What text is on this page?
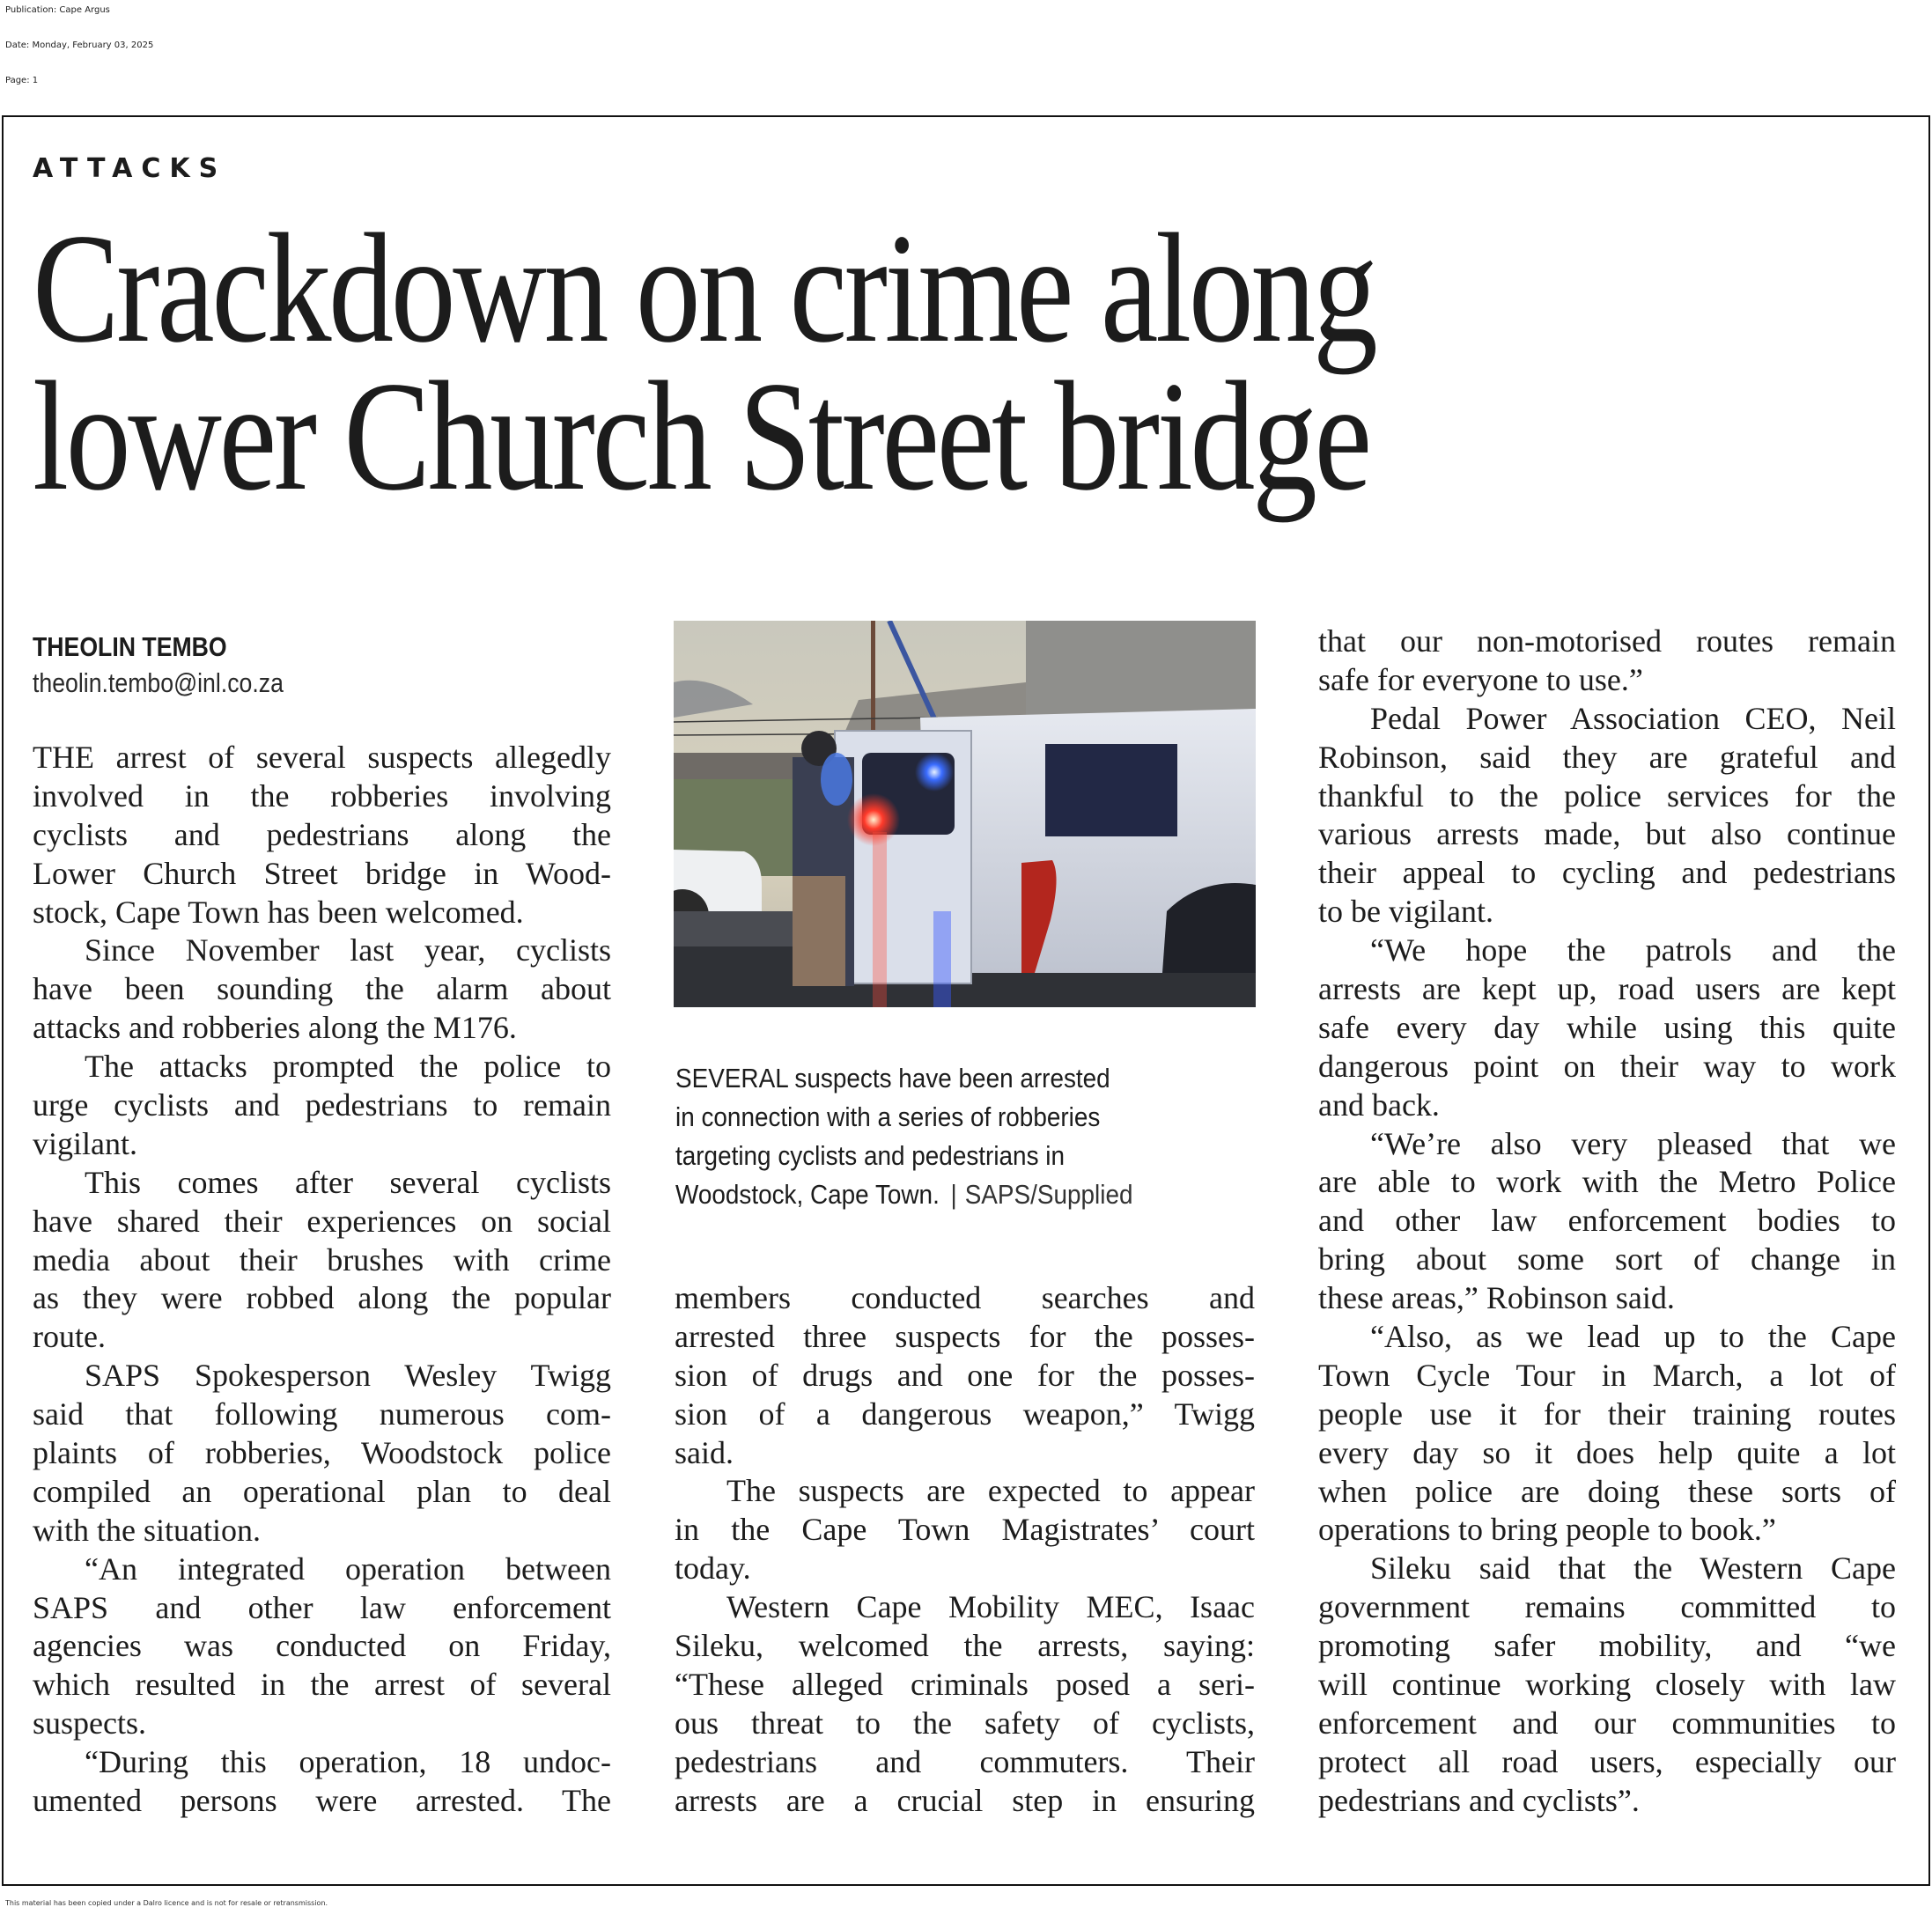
Publication: Cape Argus
Date: Monday, February 03, 2025
Page: 1
ATTACKS
Crackdown on crime along
lower Church Street bridge
THEOLIN TEMBO
theolin.tembo@inl.co.za
THE arrest of several suspects allegedly
involved in the robberies involving
cyclists and pedestrians along the
Lower Church Street bridge in Wood-
stock, Cape Town has been welcomed.
Since November last year, cyclists
have been sounding the alarm about
attacks and robberies along the M176.
The attacks prompted the police to
urge cyclists and pedestrians to remain
vigilant.
This comes after several cyclists
have shared their experiences on social
media about their brushes with crime
as they were robbed along the popular
route.
SAPS Spokesperson Wesley Twigg
said that following numerous com-
plaints of robberies, Woodstock police
compiled an operational plan to deal
with the situation.
“An integrated operation between
SAPS and other law enforcement
agencies was conducted on Friday,
which resulted in the arrest of several
suspects.
“During this operation, 18 undoc-
umented persons were arrested. The
members conducted searches and
arrested three suspects for the posses-
sion of drugs and one for the posses-
sion of a dangerous weapon,” Twigg
said.
The suspects are expected to appear
in the Cape Town Magistrates’ court
today.
Western Cape Mobility MEC, Isaac
Sileku, welcomed the arrests, saying:
“These alleged criminals posed a seri-
ous threat to the safety of cyclists,
pedestrians and commuters. Their
arrests are a crucial step in ensuring
that our non-motorised routes remain
safe for everyone to use.”
Pedal Power Association CEO, Neil
Robinson, said they are grateful and
thankful to the police services for the
various arrests made, but also continue
their appeal to cycling and pedestrians
to be vigilant.
“We hope the patrols and the
arrests are kept up, road users are kept
safe every day while using this quite
dangerous point on their way to work
and back.
“We’re also very pleased that we
are able to work with the Metro Police
and other law enforcement bodies to
bring about some sort of change in
these areas,” Robinson said.
“Also, as we lead up to the Cape
Town Cycle Tour in March, a lot of
people use it for their training routes
every day so it does help quite a lot
when police are doing these sorts of
operations to bring people to book.”
Sileku said that the Western Cape
government remains committed to
promoting safer mobility, and “we
will continue working closely with law
enforcement and our communities to
protect all road users, especially our
pedestrians and cyclists”.
SEVERAL suspects have been arrested
in connection with a series of robberies
targeting cyclists and pedestrians in
Woodstock, Cape Town. | SAPS/Supplied
This material has been copied under a Dalro licence and is not for resale or retransmission.
